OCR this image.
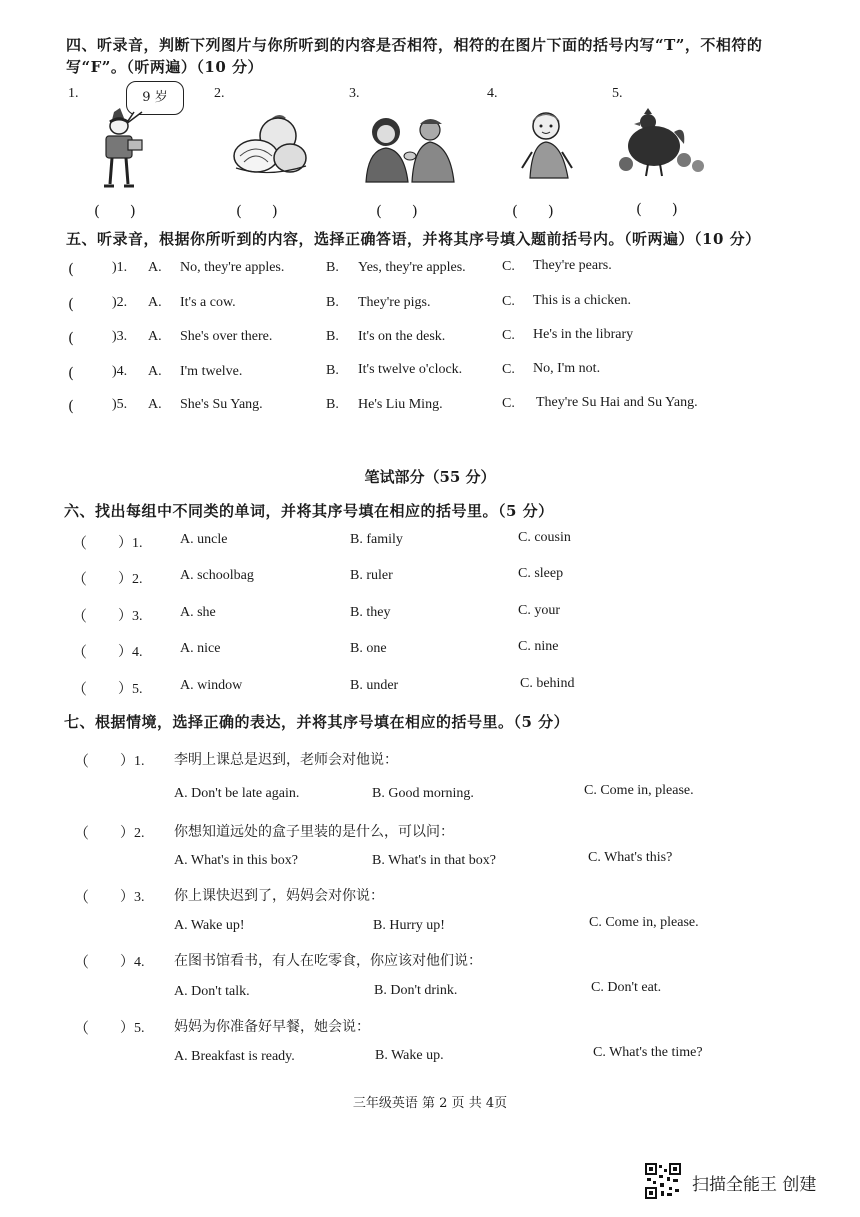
四、听录音，判断下列图片与你所听到的内容是否相符，相符的在图片下面的括号内写“T”，不相符的
写“F”。（听两遍）（10 分）
1.	2.	3.	4.	5.
9 岁
(　　)	(　　)	(　　)	(　　)	(　　)
五、听录音，根据你所听到的内容，选择正确答语，并将其序号填入题前括号内。（听两遍）（10 分）
(	)1. A. No, they're apples.	B. Yes, they're apples.	C. They're pears.
(	)2. A. It's a cow.	B. They're pigs.	C. This is a chicken.
(	)3. A. She's over there.	B. It's on the desk.	C. He's in the library
(	)4. A. I'm twelve.	B. It's twelve o'clock.	C. No, I'm not.
(	)5. A. She's Su Yang.	B. He's Liu Ming.	C. They're Su Hai and Su Yang.
笔试部分（55 分）
六、找出每组中不同类的单词，并将其序号填在相应的括号里。（5 分）
（ ）1.	A. uncle	B. family	C. cousin
（ ）2.	A. schoolbag	B. ruler	C. sleep
（ ）3.	A. she	B. they	C. your
（ ）4.	A. nice	B. one	C. nine
（ ）5.	A. window	B. under	C. behind
七、根据情境，选择正确的表达，并将其序号填在相应的括号里。（5 分）
（ ）1. 李明上课总是迟到，老师会对他说：
A. Don't be late again.	B. Good morning.	C. Come in, please.
（ ）2. 你想知道远处的盒子里装的是什么，可以问：
A. What's in this box?	B. What's in that box?	C. What's this?
（ ）3. 你上课快迟到了，妈妈会对你说：
A. Wake up!	B. Hurry up!	C. Come in, please.
（ ）4. 在图书馆看书，有人在吃零食，你应该对他们说：
A. Don't talk.	B. Don't drink.	C. Don't eat.
（ ）5. 妈妈为你准备好早餐，她会说：
A. Breakfast is ready.	B. Wake up.	C. What's the time?
三年级英语 第 2 页 共 4页
扫描全能王 创建
